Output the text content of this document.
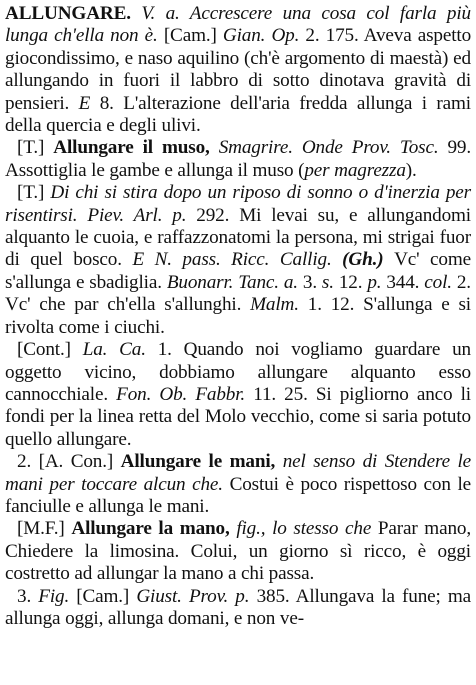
ALLUNGARE. V. a. Accrescere una cosa col farla più lunga ch'ella non è. [Cam.] Gian. Op. 2. 175. Aveva aspetto giocondissimo, e naso aquilino (ch'è argomento di maestà) ed allungando in fuori il labbro di sotto dinotava gravità di pensieri. E 8. L'alterazione dell'aria fredda allunga i rami della quercia e degli ulivi.

[T.] Allungare il muso, Smagrire. Onde Prov. Tosc. 99. Assottiglia le gambe e allunga il muso (per magrezza).

[T.] Di chi si stira dopo un riposo di sonno o d'inerzia per risentirsi. Piev. Arl. p. 292. Mi levai su, e allungandomi alquanto le cuoia, e raffazzonatomi la persona, mi strigai fuor di quel bosco. E N. pass. Ricc. Callig. (Gh.) Vc' come s'allunga e sbadiglia. Buonarr. Tanc. a. 3. s. 12. p. 344. col. 2. Vc' che par ch'ella s'allunghi. Malm. 1. 12. S'allunga e si rivolta come i ciuchi.

[Cont.] La. Ca. 1. Quando noi vogliamo guardare un oggetto vicino, dobbiamo allungare alquanto esso cannocchiale. Fon. Ob. Fabbr. 11. 25. Si pigliorno anco li fondi per la linea retta del Molo vecchio, come si saria potuto quello allungare.

2. [A. Con.] Allungare le mani, nel senso di Stendere le mani per toccare alcun che. Costui è poco rispettoso con le fanciulle e allunga le mani.

[M.F.] Allungare la mano, fig., lo stesso che Parar mano, Chiedere la limosina. Colui, un giorno sì ricco, è oggi costretto ad allungar la mano a chi passa.

3. Fig. [Cam.] Giust. Prov. p. 385. Allungava la fune; ma allunga oggi, allunga domani, e non ve-
